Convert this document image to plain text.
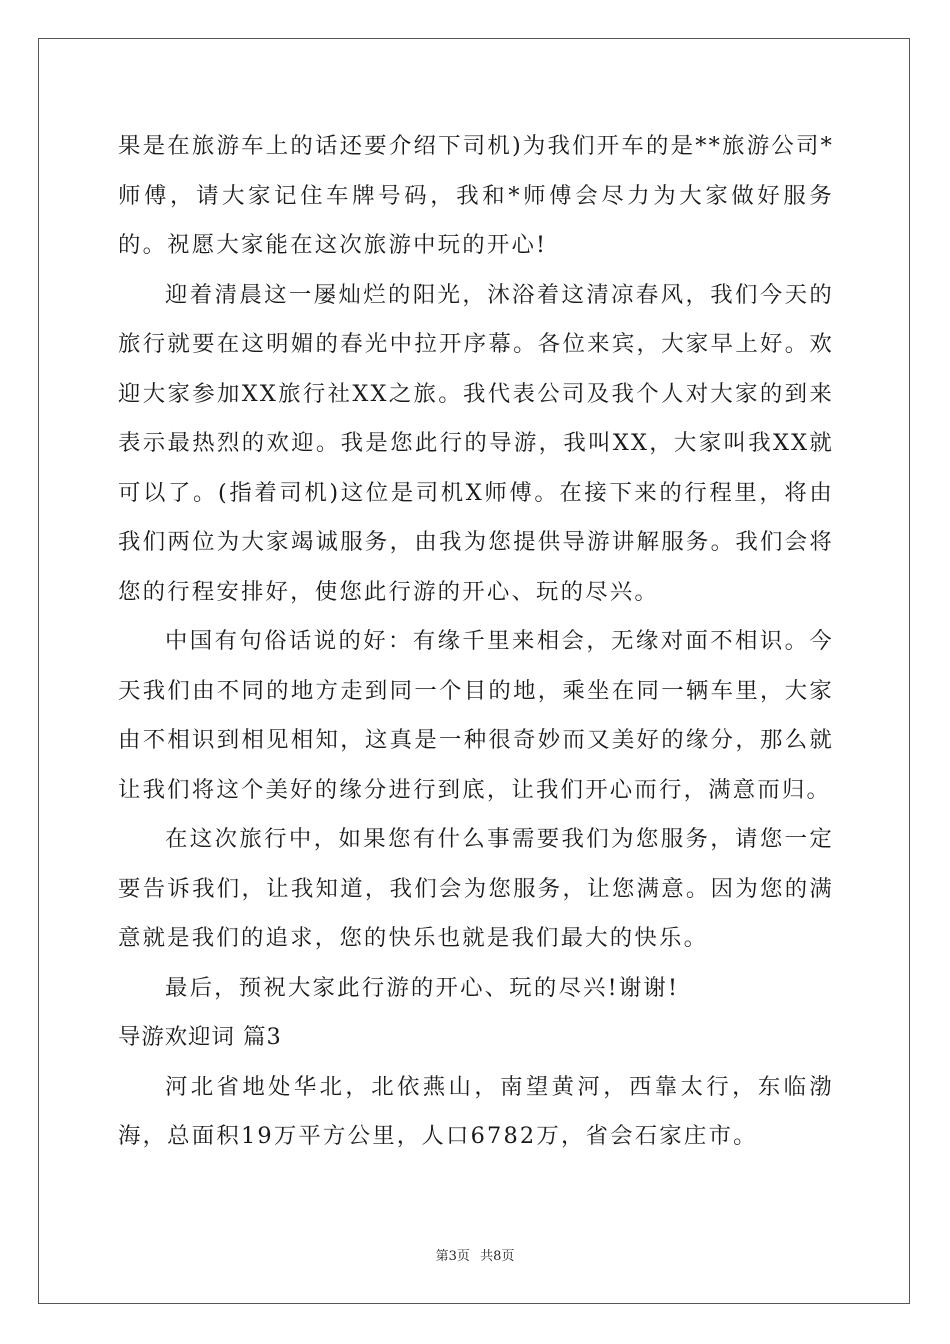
果是在旅游车上的话还要介绍下司机)为我们开车的是**旅游公司*师傅，请大家记住车牌号码，我和*师傅会尽力为大家做好服务的。祝愿大家能在这次旅游中玩的开心!

迎着清晨这一屡灿烂的阳光，沐浴着这清凉春风，我们今天的旅行就要在这明媚的春光中拉开序幕。各位来宾，大家早上好。欢迎大家参加XX旅行社XX之旅。我代表公司及我个人对大家的到来表示最热烈的欢迎。我是您此行的导游，我叫XX，大家叫我XX就可以了。(指着司机)这位是司机X师傅。在接下来的行程里，将由我们两位为大家竭诚服务，由我为您提供导游讲解服务。我们会将您的行程安排好，使您此行游的开心、玩的尽兴。

中国有句俗话说的好：有缘千里来相会，无缘对面不相识。今天我们由不同的地方走到同一个目的地，乘坐在同一辆车里，大家由不相识到相见相知，这真是一种很奇妙而又美好的缘分，那么就让我们将这个美好的缘分进行到底，让我们开心而行，满意而归。

在这次旅行中，如果您有什么事需要我们为您服务，请您一定要告诉我们，让我知道，我们会为您服务，让您满意。因为您的满意就是我们的追求，您的快乐也就是我们最大的快乐。

最后，预祝大家此行游的开心、玩的尽兴!谢谢!

导游欢迎词 篇3

河北省地处华北，北依燕山，南望黄河，西靠太行，东临渤海，总面积19万平方公里，人口6782万，省会石家庄市。

第3页 共8页
